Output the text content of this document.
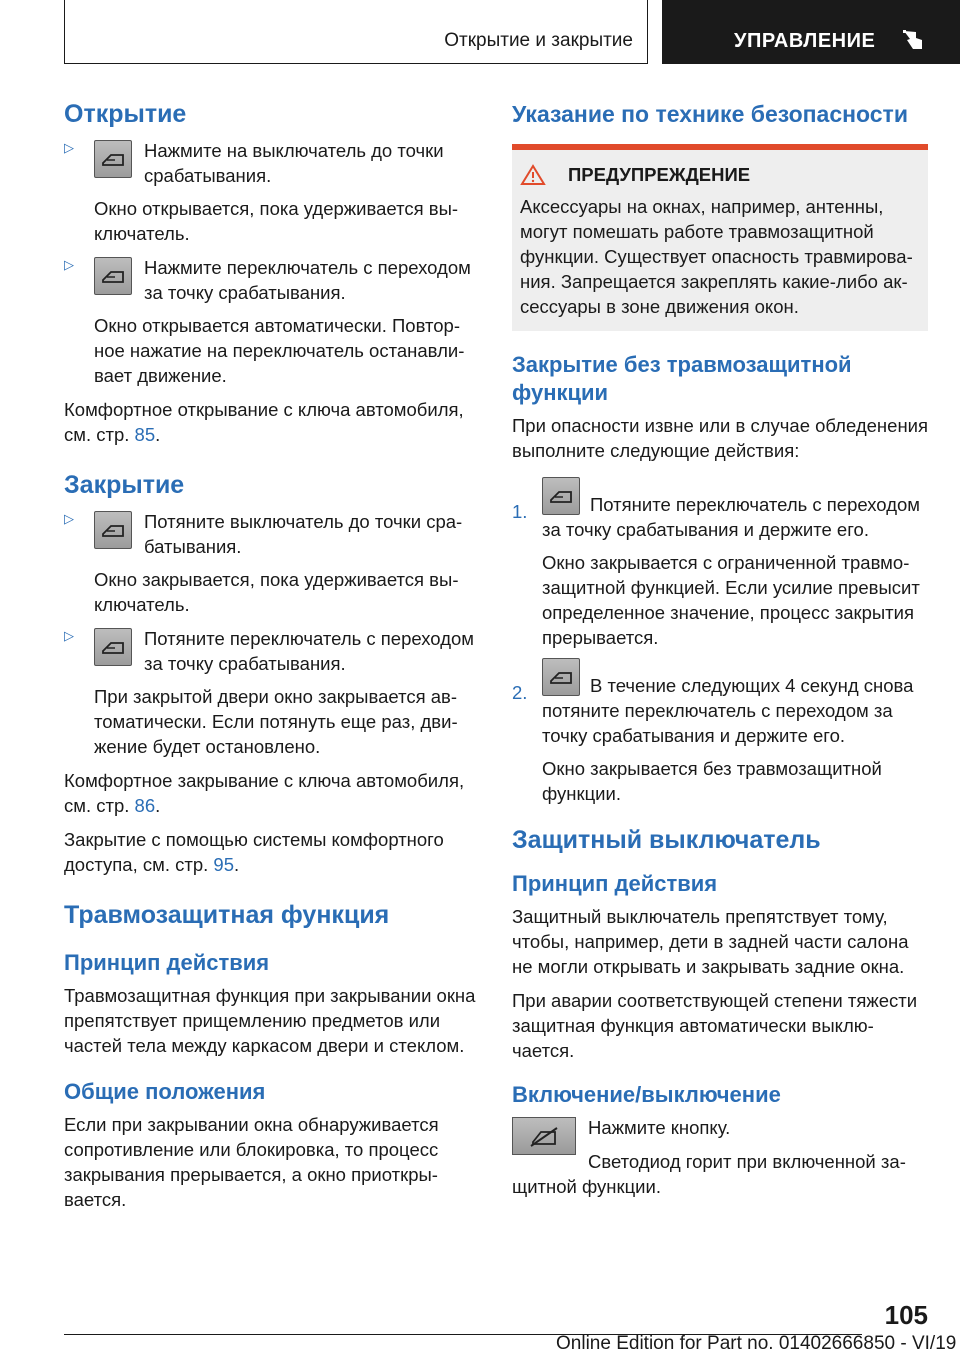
Открытие и закрытие	УПРАВЛЕНИЕ
Открытие
▷	Нажмите на выключатель до точки срабатывания.

Окно открывается, пока удерживается выключатель.

▷	Нажмите переключатель с переходом за точку срабатывания.

Окно открывается автоматически. Повторное нажатие на переключатель останавливает движение.

Комфортное открывание с ключа автомобиля, см. стр. 85.

Закрытие
▷	Потяните выключатель до точки срабатывания.

Окно закрывается, пока удерживается выключатель.

▷	Потяните переключатель с переходом за точку срабатывания.

При закрытой двери окно закрывается автоматически. Если потянуть еще раз, движение будет остановлено.

Комфортное закрывание с ключа автомобиля, см. стр. 86.

Закрытие с помощью системы комфортного доступа, см. стр. 95.

Травмозащитная функция
Принцип действия

Травмозащитная функция при закрывании окна препятствует прищемлению предметов или частей тела между каркасом двери и стеклом.

Общие положения

Если при закрывании окна обнаруживается сопротивление или блокировка, то процесс закрывания прерывается, а окно приоткрывается.

Указание по технике безопасности
ПРЕДУПРЕЖДЕНИЕ

Аксессуары на окнах, например, антенны, могут помешать работе травмозащитной функции. Существует опасность травмирования. Запрещается закреплять какие-либо аксессуары в зоне движения окон.

Закрытие без травмозащитной функции

При опасности извне или в случае обледенения выполните следующие действия:

1.	Потяните переключатель с переходом за точку срабатывания и держите его.

Окно закрывается с ограниченной травмозащитной функцией. Если усилие превысит определенное значение, процесс закрытия прерывается.

2.	В течение следующих 4 секунд снова потяните переключатель с переходом за точку срабатывания и держите его.

Окно закрывается без травмозащитной функции.

Защитный выключатель
Принцип действия

Защитный выключатель препятствует тому, чтобы, например, дети в задней части салона не могли открывать и закрывать задние окна.

При аварии соответствующей степени тяжести защитная функция автоматически выключается.

Включение/выключение

Нажмите кнопку.

Светодиод горит при включенной защитной функции.

105
Online Edition for Part no. 01402666850 - VI/19
